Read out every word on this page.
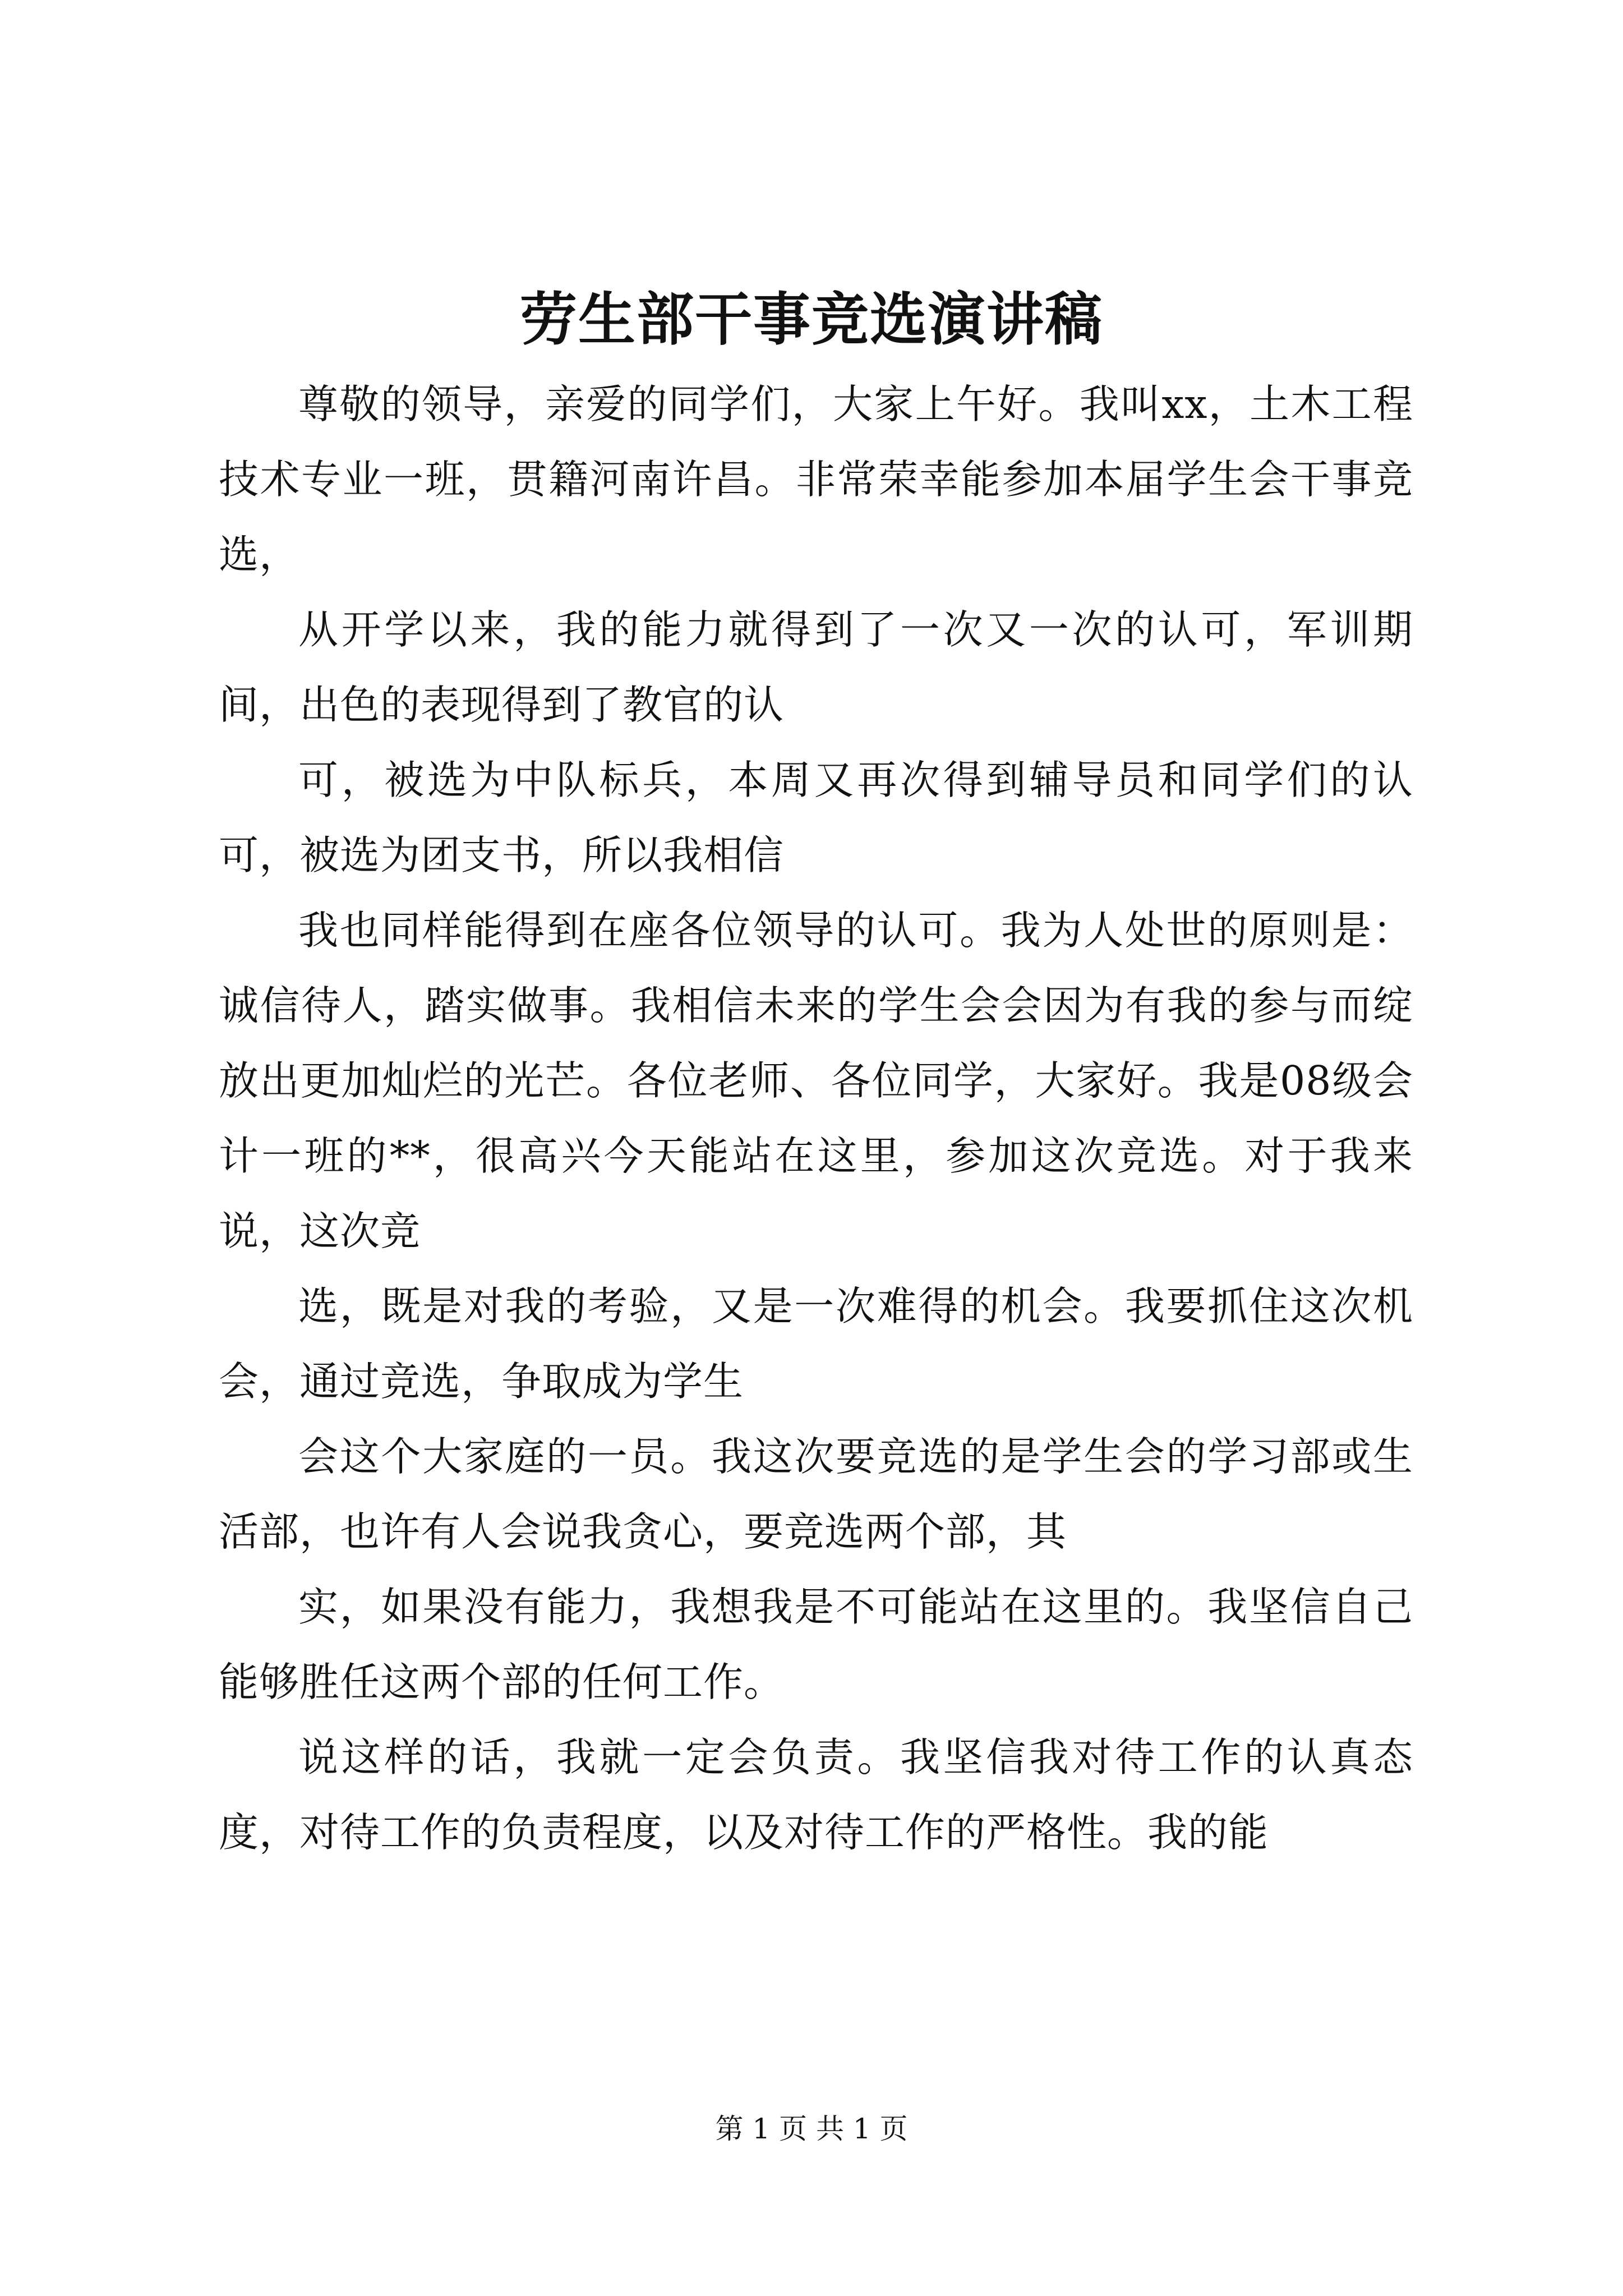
劳生部干事竞选演讲稿

尊敬的领导，亲爱的同学们，大家上午好。我叫xx，土木工程技术专业一班，贯籍河南许昌。非常荣幸能参加本届学生会干事竞选，

从开学以来，我的能力就得到了一次又一次的认可，军训期间，出色的表现得到了教官的认

可，被选为中队标兵，本周又再次得到辅导员和同学们的认可，被选为团支书，所以我相信

我也同样能得到在座各位领导的认可。我为人处世的原则是：诚信待人，踏实做事。我相信未来的学生会会因为有我的参与而绽放出更加灿烂的光芒。各位老师、各位同学，大家好。我是08级会计一班的**，很高兴今天能站在这里，参加这次竞选。对于我来说，这次竞

选，既是对我的考验，又是一次难得的机会。我要抓住这次机会，通过竞选，争取成为学生

会这个大家庭的一员。我这次要竞选的是学生会的学习部或生活部，也许有人会说我贪心，要竞选两个部，其

实，如果没有能力，我想我是不可能站在这里的。我坚信自己能够胜任这两个部的任何工作。

说这样的话，我就一定会负责。我坚信我对待工作的认真态度，对待工作的负责程度，以及对待工作的严格性。我的能

第 1 页 共 1 页
